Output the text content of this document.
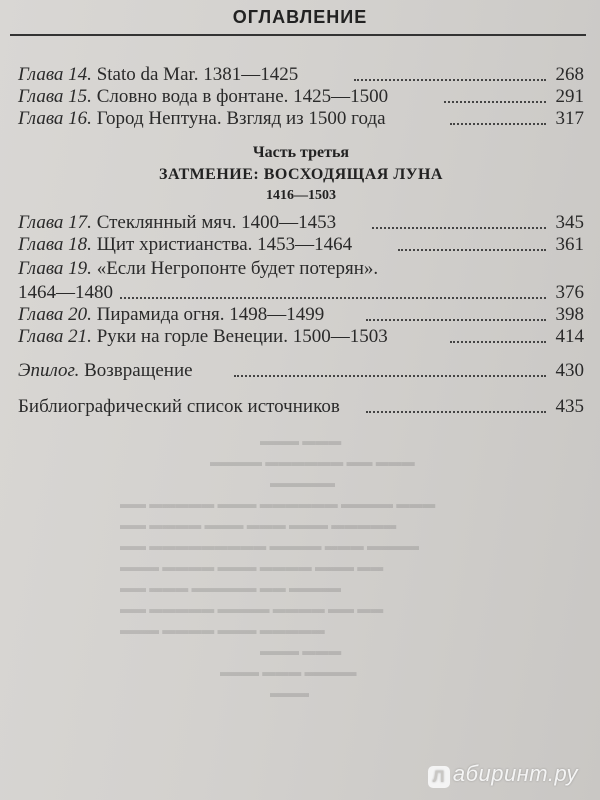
ОГЛАВЛЕНИЕ
Глава 14. Stato da Mar. 1381—1425	268
Глава 15. Словно вода в фонтане. 1425—1500	291
Глава 16. Город Нептуна. Взгляд из 1500 года	317
Часть третья
ЗАТМЕНИЕ: ВОСХОДЯЩАЯ ЛУНА
1416—1503
Глава 17. Стеклянный мяч. 1400—1453	345
Глава 18. Щит христианства. 1453—1464	361
Глава 19. «Если Негропонте будет потерян».
1464—1480	376
Глава 20. Пирамида огня. 1498—1499	398
Глава 21. Руки на горле Венеции. 1500—1503	414
Эпилог. Возвращение	430
Библиографический список источников	435
▬▬▬ ▬▬▬
▬▬▬▬ ▬▬▬▬▬▬ ▬▬ ▬▬▬
▬▬▬▬▬
▬▬ ▬▬▬▬▬ ▬▬▬ ▬▬▬▬▬▬ ▬▬▬▬ ▬▬▬
▬▬ ▬▬▬▬ ▬▬▬ ▬▬▬ ▬▬▬ ▬▬▬▬▬
▬▬ ▬▬▬▬▬▬▬▬▬ ▬▬▬▬ ▬▬▬ ▬▬▬▬
▬▬▬ ▬▬▬▬ ▬▬▬ ▬▬▬▬ ▬▬▬ ▬▬
▬▬ ▬▬▬ ▬▬▬▬▬ ▬▬ ▬▬▬▬
▬▬ ▬▬▬▬▬ ▬▬▬▬ ▬▬▬▬ ▬▬ ▬▬
▬▬▬ ▬▬▬▬ ▬▬▬ ▬▬▬▬▬
▬▬▬ ▬▬▬
▬▬▬ ▬▬▬ ▬▬▬▬
▬▬▬
Л абиринт.ру
